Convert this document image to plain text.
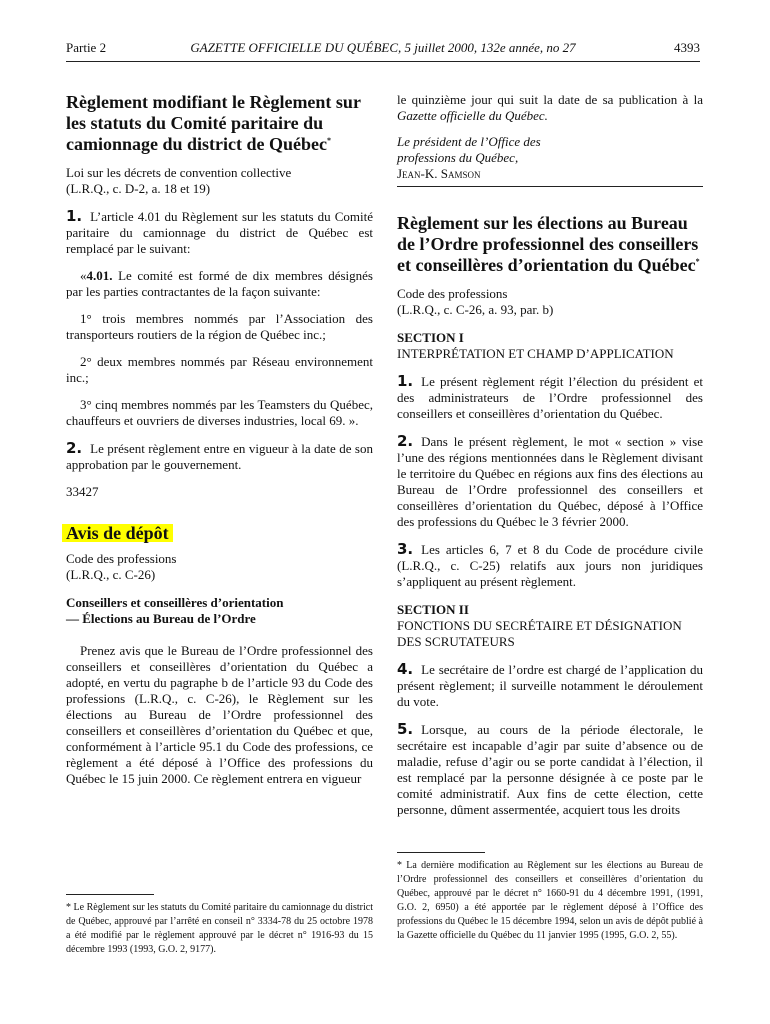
Partie 2	GAZETTE OFFICIELLE DU QUÉBEC, 5 juillet 2000, 132e année, no 27	4393

Règlement modifiant le Règlement sur les statuts du Comité paritaire du camionnage du district de Québec*

Loi sur les décrets de convention collective

(L.R.Q., c. D-2, a. 18 et 19)

1. L’article 4.01 du Règlement sur les statuts du Comité paritaire du camionnage du district de Québec est remplacé par le suivant:

«4.01. Le comité est formé de dix membres désignés par les parties contractantes de la façon suivante:

1° trois membres nommés par l’Association des transporteurs routiers de la région de Québec inc.;

2° deux membres nommés par Réseau environnement inc.;

3° cinq membres nommés par les Teamsters du Québec, chauffeurs et ouvriers de diverses industries, local 69. ».

2. Le présent règlement entre en vigueur à la date de son approbation par le gouvernement.

33427

Avis de dépôt

Code des professions

(L.R.Q., c. C-26)

Conseillers et conseillères d’orientation

— Élections au Bureau de l’Ordre

Prenez avis que le Bureau de l’Ordre professionnel des conseillers et conseillères d’orientation du Québec a adopté, en vertu du pagraphe b de l’article 93 du Code des professions (L.R.Q., c. C-26), le Règlement sur les élections au Bureau de l’Ordre professionnel des conseillers et conseillères d’orientation du Québec et que, conformément à l’article 95.1 du Code des professions, ce règlement a été déposé à l’Office des professions du Québec le 15 juin 2000. Ce règlement entrera en vigueur

* Le Règlement sur les statuts du Comité paritaire du camionnage du district de Québec, approuvé par l’arrêté en conseil n° 3334-78 du 25 octobre 1978 a été modifié par le règlement approuvé par le décret n° 1916-93 du 15 décembre 1993 (1993, G.O. 2, 9177).

le quinzième jour qui suit la date de sa publication à la Gazette officielle du Québec.

Le président de l’Office des

professions du Québec,

Jean-K. Samson

Règlement sur les élections au Bureau de l’Ordre professionnel des conseillers et conseillères d’orientation du Québec*

Code des professions

(L.R.Q., c. C-26, a. 93, par. b)

SECTION I

INTERPRÉTATION ET CHAMP D’APPLICATION

1. Le présent règlement régit l’élection du président et des administrateurs de l’Ordre professionnel des conseillers et conseillères d’orientation du Québec.

2. Dans le présent règlement, le mot « section » vise l’une des régions mentionnées dans le Règlement divisant le territoire du Québec en régions aux fins des élections au Bureau de l’Ordre professionnel des conseillers et conseillères d’orientation du Québec, déposé à l’Office des professions du Québec le 3 février 2000.

3. Les articles 6, 7 et 8 du Code de procédure civile (L.R.Q., c. C-25) relatifs aux jours non juridiques s’appliquent au présent règlement.

SECTION II

FONCTIONS DU SECRÉTAIRE ET DÉSIGNATION DES SCRUTATEURS

4. Le secrétaire de l’ordre est chargé de l’application du présent règlement; il surveille notamment le déroulement du vote.

5. Lorsque, au cours de la période électorale, le secrétaire est incapable d’agir par suite d’absence ou de maladie, refuse d’agir ou se porte candidat à l’élection, il est remplacé par la personne désignée à ce poste par le comité administratif. Aux fins de cette élection, cette personne, dûment assermentée, acquiert tous les droits

* La dernière modification au Règlement sur les élections au Bureau de l’Ordre professionnel des conseillers et conseillères d’orientation du Québec, approuvé par le décret n° 1660-91 du 4 décembre 1991, (1991, G.O. 2, 6950) a été apportée par le règlement déposé à l’Office des professions du Québec le 15 décembre 1994, selon un avis de dépôt publié à la Gazette officielle du Québec du 11 janvier 1995 (1995, G.O. 2, 55).
